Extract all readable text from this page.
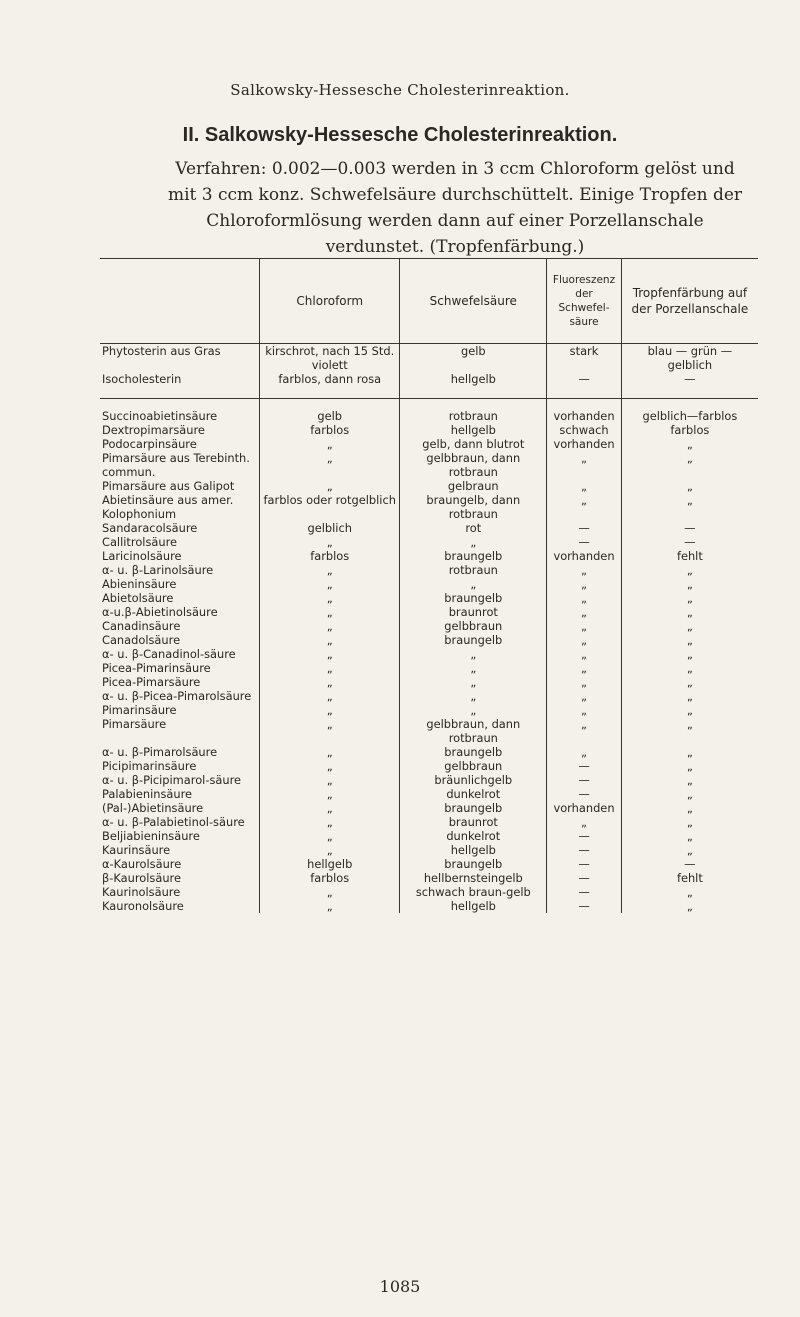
Salkowsky-Hessesche Cholesterinreaktion.
II. Salkowsky-Hessesche Cholesterinreaktion.
Verfahren: 0.002—0.003 werden in 3 ccm Chloroform gelöst und mit 3 ccm konz. Schwefelsäure durchschüttelt. Einige Tropfen der Chloroformlösung werden dann auf einer Porzellanschale verdunstet. (Tropfenfärbung.)
	Chloroform	Schwefelsäure	Fluoreszenz der Schwefel-säure	Tropfenfärbung auf der Porzellanschale
Phytosterin aus Gras	kirschrot, nach 15 Std. violett	gelb	stark	blau — grün — gelblich
Isocholesterin	farblos, dann rosa	hellgelb	—	—

Succinoabietinsäure	gelb	rotbraun	vorhanden	gelblich—farblos
Dextropimarsäure	farblos	hellgelb	schwach	farblos
Podocarpinsäure	„	gelb, dann blutrot	vorhanden	„
Pimarsäure aus Terebinth. commun.	„	gelbbraun, dann rotbraun	„	„
Pimarsäure aus Galipot	„	gelbraun	„	„
Abietinsäure aus amer. Kolophonium	farblos oder rotgelblich	braungelb, dann rotbraun	„	„
Sandaracolsäure	gelblich	rot	—	—
Callitrolsäure	„	„	—	—
Laricinolsäure	farblos	braungelb	vorhanden	fehlt
α- u. β-Larinolsäure	„	rotbraun	„	„
Abieninsäure	„	„	„	„
Abietolsäure	„	braungelb	„	„
α-u.β-Abietinolsäure	„	braunrot	„	„
Canadinsäure	„	gelbbraun	„	„
Canadolsäure	„	braungelb	„	„
α- u. β-Canadinol-säure	„	„	„	„
Picea-Pimarinsäure	„	„	„	„
Picea-Pimarsäure	„	„	„	„
α- u. β-Picea-Pimarolsäure	„	„	„	„
Pimarinsäure	„	„	„	„
Pimarsäure	„	gelbbraun, dann rotbraun	„	„
α- u. β-Pimarolsäure	„	braungelb	„	„
Picipimarinsäure	„	gelbbraun	—	„
α- u. β-Picipimarol-säure	„	bräunlichgelb	—	„
Palabieninsäure	„	dunkelrot	—	„
(Pal-)Abietinsäure	„	braungelb	vorhanden	„
α- u. β-Palabietinol-säure	„	braunrot	„	„
Beljiabieninsäure	„	dunkelrot	—	„
Kaurinsäure	„	hellgelb	—	„
α-Kaurolsäure	hellgelb	braungelb	—	—
β-Kaurolsäure	farblos	hellbernsteingelb	—	fehlt
Kaurinolsäure	„	schwach braun-gelb	—	„
Kauronolsäure	„	hellgelb	—	„
1085
